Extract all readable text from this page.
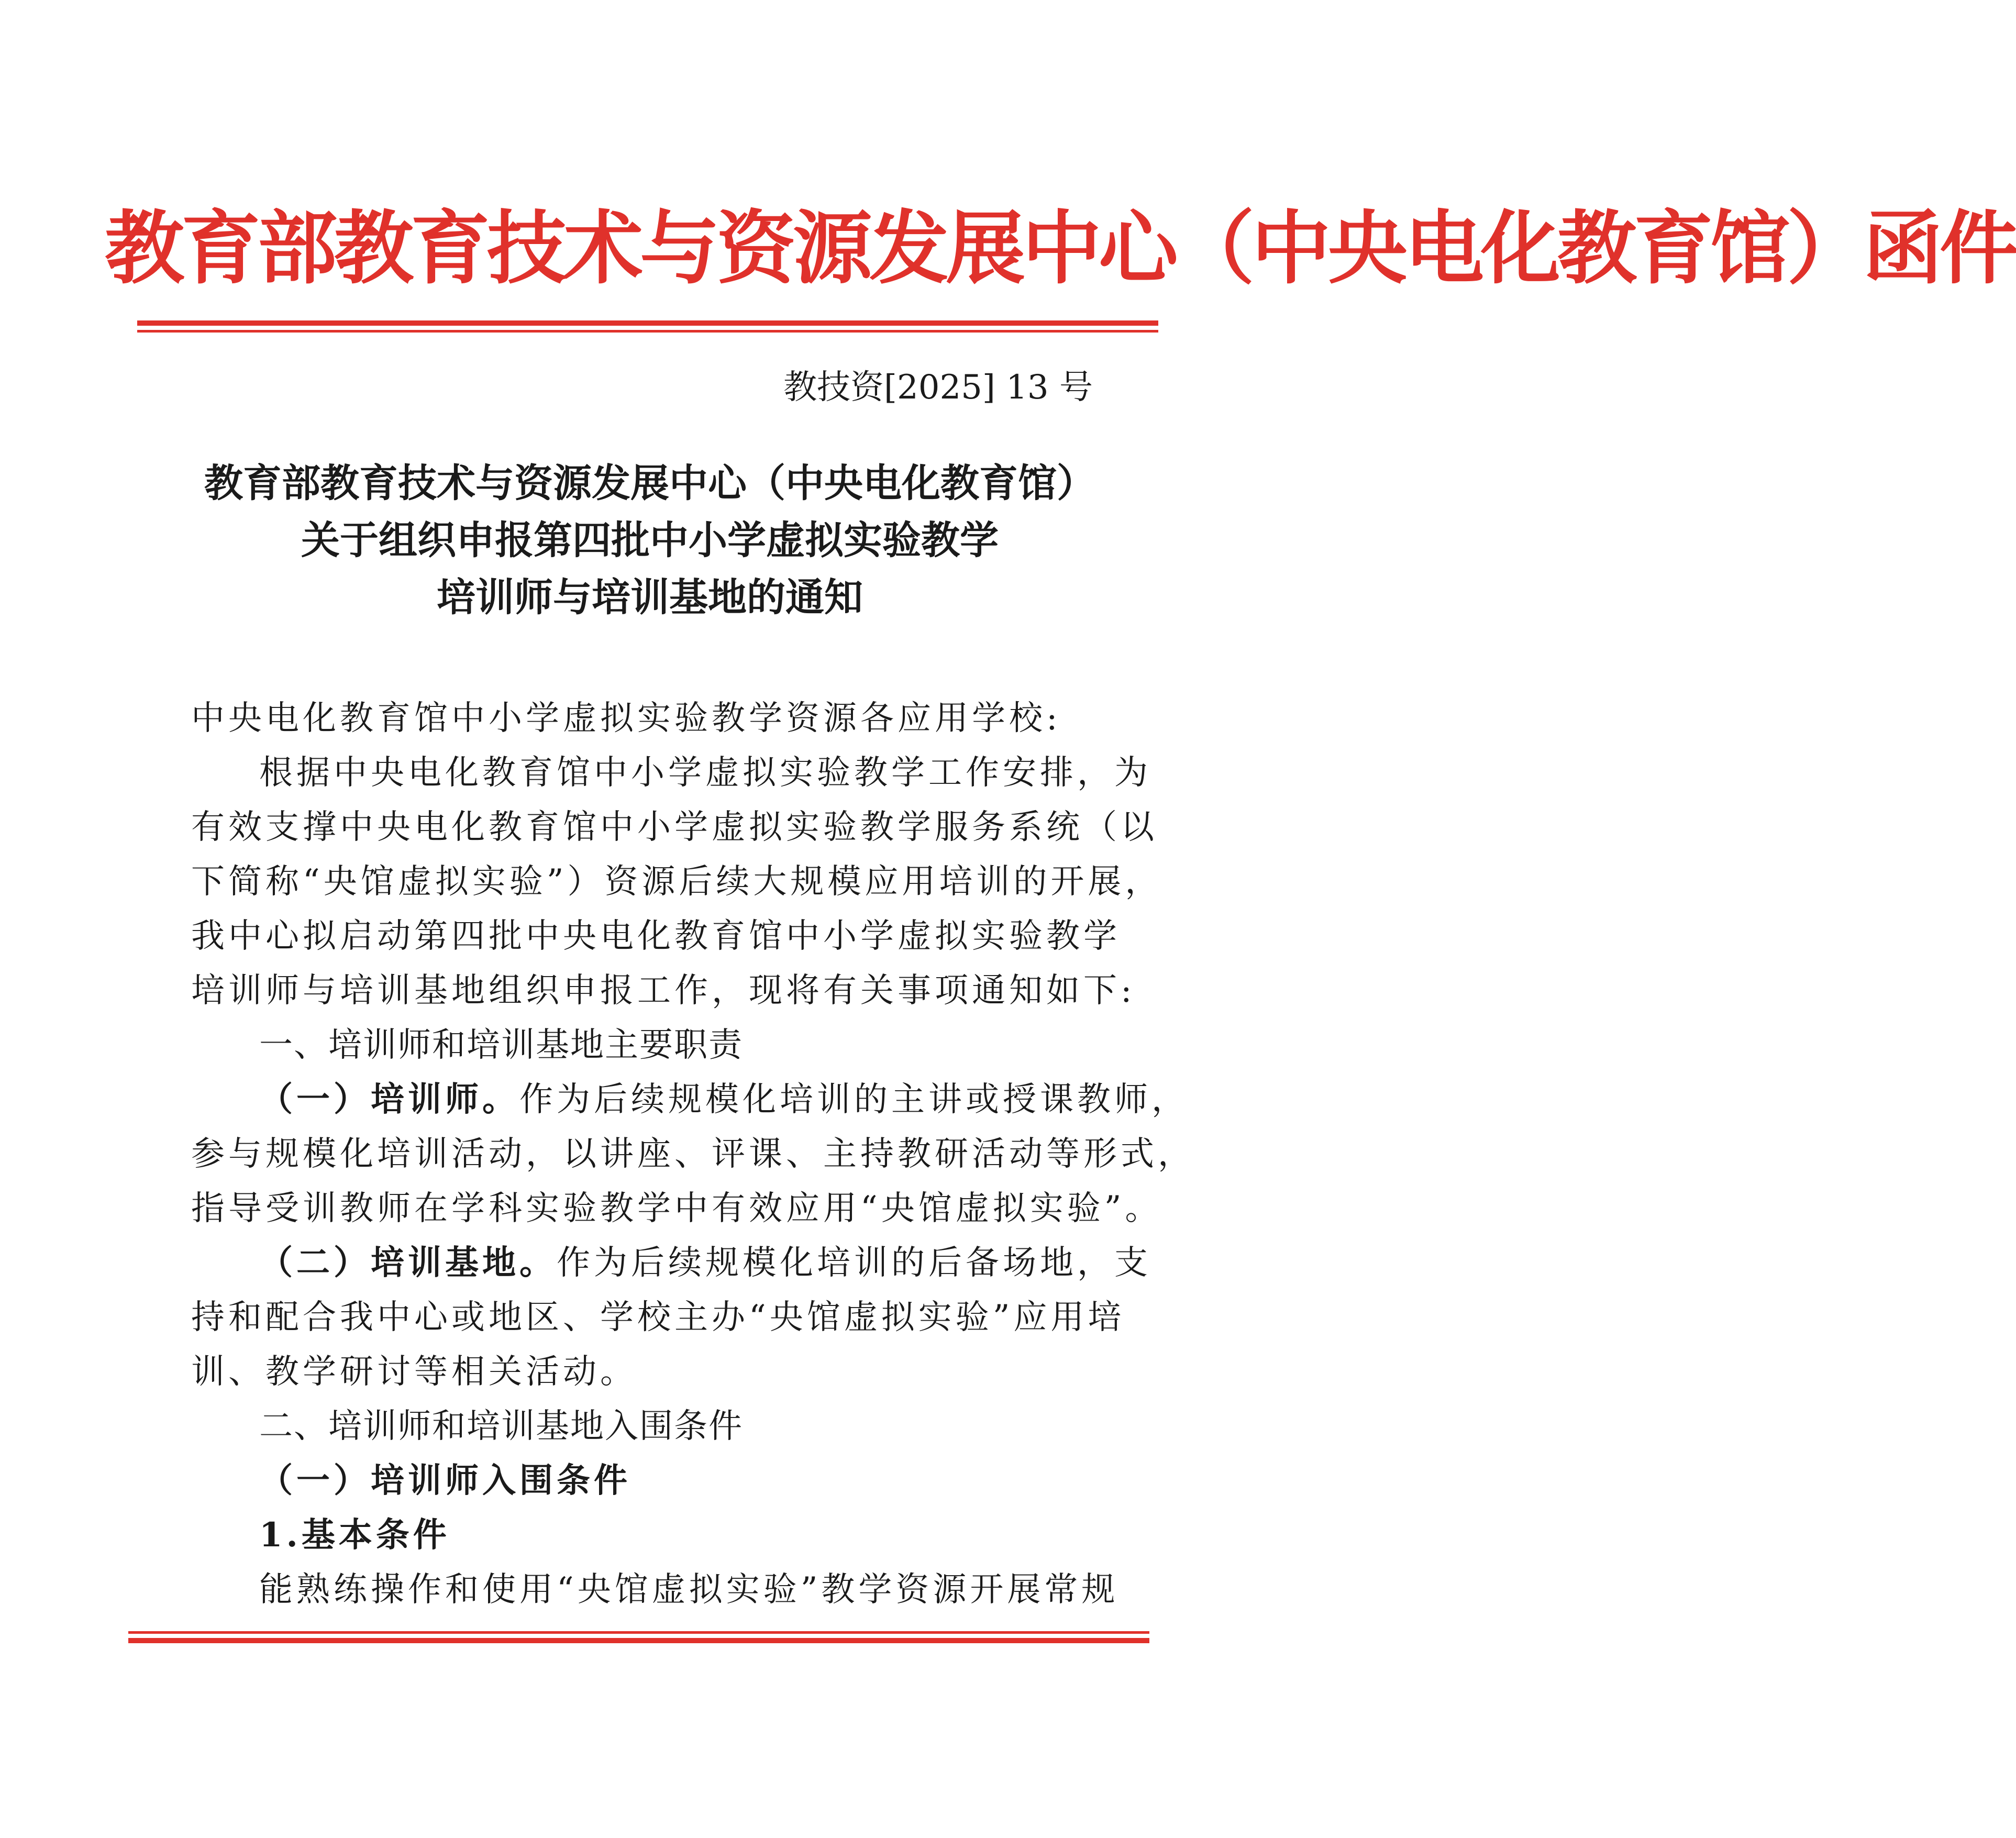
教育部教育技术与资源发展中心（中央电化教育馆）函件
教技资[2025] 13 号
教育部教育技术与资源发展中心（中央电化教育馆）
关于组织申报第四批中小学虚拟实验教学
培训师与培训基地的通知
中央电化教育馆中小学虚拟实验教学资源各应用学校:
根据中央电化教育馆中小学虚拟实验教学工作安排，为
有效支撑中央电化教育馆中小学虚拟实验教学服务系统（以
下简称“央馆虚拟实验”）资源后续大规模应用培训的开展，
我中心拟启动第四批中央电化教育馆中小学虚拟实验教学
培训师与培训基地组织申报工作，现将有关事项通知如下:
一、培训师和培训基地主要职责
（一）培训师。作为后续规模化培训的主讲或授课教师，
参与规模化培训活动，以讲座、评课、主持教研活动等形式，
指导受训教师在学科实验教学中有效应用“央馆虚拟实验”。
（二）培训基地。作为后续规模化培训的后备场地，支
持和配合我中心或地区、学校主办“央馆虚拟实验”应用培
训、教学研讨等相关活动。
二、培训师和培训基地入围条件
（一）培训师入围条件
1.基本条件
能熟练操作和使用“央馆虚拟实验”教学资源开展常规
